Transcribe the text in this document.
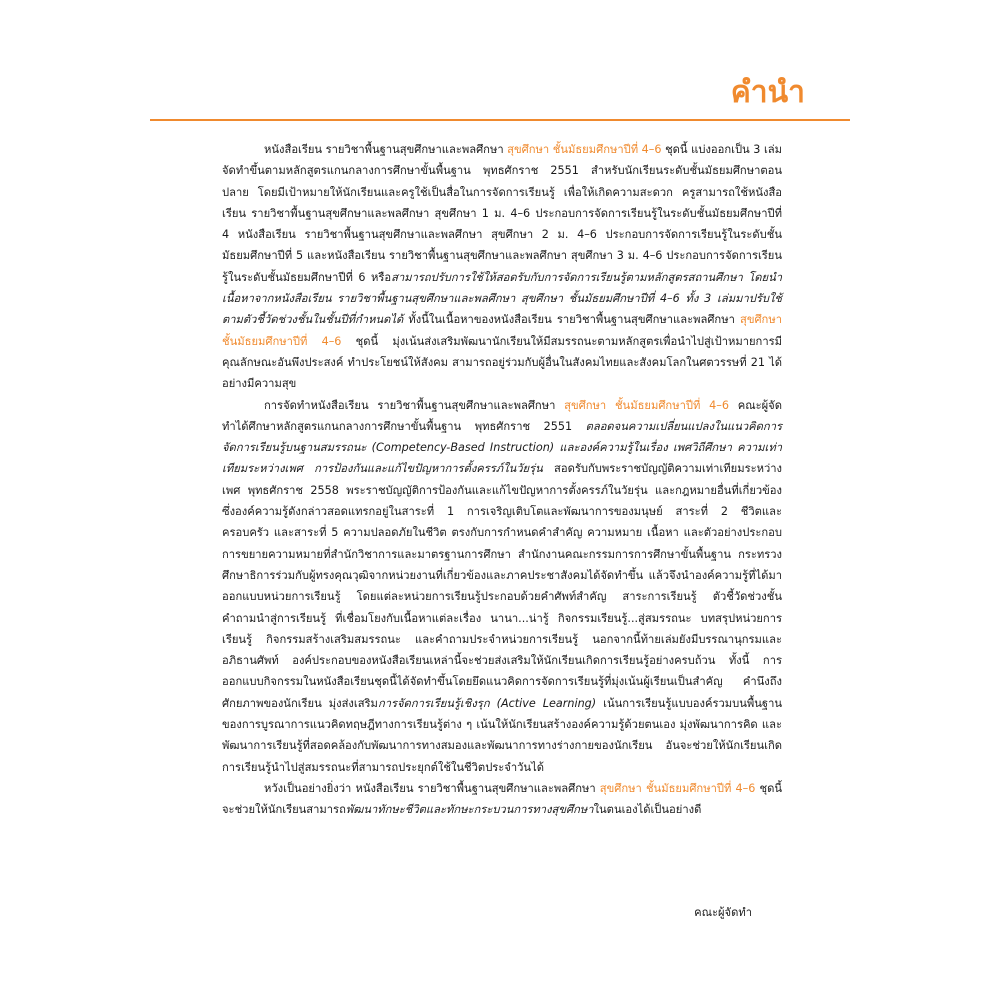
คำนำ

หนังสือเรียน รายวิชาพื้นฐานสุขศึกษาและพลศึกษา สุขศึกษา ชั้นมัธยมศึกษาปีที่ 4–6 ชุดนี้ แบ่งออกเป็น 3 เล่ม จัดทำขึ้นตามหลักสูตรแกนกลางการศึกษาขั้นพื้นฐาน พุทธศักราช 2551 สำหรับนักเรียนระดับชั้นมัธยมศึกษาตอนปลาย โดยมีเป้าหมายให้นักเรียนและครูใช้เป็นสื่อในการจัดการเรียนรู้ เพื่อให้เกิดความสะดวก ครูสามารถใช้หนังสือเรียน รายวิชาพื้นฐานสุขศึกษาและพลศึกษา สุขศึกษา 1 ม. 4–6 ประกอบการจัดการเรียนรู้ในระดับชั้นมัธยมศึกษาปีที่ 4 หนังสือเรียน รายวิชาพื้นฐานสุขศึกษาและพลศึกษา สุขศึกษา 2 ม. 4–6 ประกอบการจัดการเรียนรู้ในระดับชั้นมัธยมศึกษาปีที่ 5 และหนังสือเรียน รายวิชาพื้นฐานสุขศึกษาและพลศึกษา สุขศึกษา 3 ม. 4–6 ประกอบการจัดการเรียนรู้ในระดับชั้นมัธยมศึกษาปีที่ 6 หรือสามารถปรับการใช้ให้สอดรับกับการจัดการเรียนรู้ตามหลักสูตรสถานศึกษา โดยนำเนื้อหาจากหนังสือเรียน รายวิชาพื้นฐานสุขศึกษาและพลศึกษา สุขศึกษา ชั้นมัธยมศึกษาปีที่ 4–6 ทั้ง 3 เล่มมาปรับใช้ตามตัวชี้วัดช่วงชั้นในชั้นปีที่กำหนดได้ ทั้งนี้ในเนื้อหาของหนังสือเรียน รายวิชาพื้นฐานสุขศึกษาและพลศึกษา สุขศึกษา ชั้นมัธยมศึกษาปีที่ 4–6 ชุดนี้ มุ่งเน้นส่งเสริมพัฒนานักเรียนให้มีสมรรถนะตามหลักสูตรเพื่อนำไปสู่เป้าหมายการมีคุณลักษณะอันพึงประสงค์ ทำประโยชน์ให้สังคม สามารถอยู่ร่วมกับผู้อื่นในสังคมไทยและสังคมโลกในศตวรรษที่ 21 ได้อย่างมีความสุข

การจัดทำหนังสือเรียน รายวิชาพื้นฐานสุขศึกษาและพลศึกษา สุขศึกษา ชั้นมัธยมศึกษาปีที่ 4–6 คณะผู้จัดทำได้ศึกษาหลักสูตรแกนกลางการศึกษาขั้นพื้นฐาน พุทธศักราช 2551 ตลอดจนความเปลี่ยนแปลงในแนวคิดการจัดการเรียนรู้บนฐานสมรรถนะ (Competency-Based Instruction) และองค์ความรู้ในเรื่อง เพศวิถีศึกษา ความเท่าเทียมระหว่างเพศ การป้องกันและแก้ไขปัญหาการตั้งครรภ์ในวัยรุ่น สอดรับกับพระราชบัญญัติความเท่าเทียมระหว่างเพศ พุทธศักราช 2558 พระราชบัญญัติการป้องกันและแก้ไขปัญหาการตั้งครรภ์ในวัยรุ่น และกฎหมายอื่นที่เกี่ยวข้อง ซึ่งองค์ความรู้ดังกล่าวสอดแทรกอยู่ในสาระที่ 1 การเจริญเติบโตและพัฒนาการของมนุษย์ สาระที่ 2 ชีวิตและครอบครัว และสาระที่ 5 ความปลอดภัยในชีวิต ตรงกับการกำหนดคำสำคัญ ความหมาย เนื้อหา และตัวอย่างประกอบการขยายความหมายที่สำนักวิชาการและมาตรฐานการศึกษา สำนักงานคณะกรรมการการศึกษาขั้นพื้นฐาน กระทรวงศึกษาธิการร่วมกับผู้ทรงคุณวุฒิจากหน่วยงานที่เกี่ยวข้องและภาคประชาสังคมได้จัดทำขึ้น แล้วจึงนำองค์ความรู้ที่ได้มาออกแบบหน่วยการเรียนรู้ โดยแต่ละหน่วยการเรียนรู้ประกอบด้วยคำศัพท์สำคัญ สาระการเรียนรู้ ตัวชี้วัดช่วงชั้น คำถามนำสู่การเรียนรู้ ที่เชื่อมโยงกับเนื้อหาแต่ละเรื่อง นานา...น่ารู้ กิจกรรมเรียนรู้...สู่สมรรถนะ บทสรุปหน่วยการเรียนรู้ กิจกรรมสร้างเสริมสมรรถนะ และคำถามประจำหน่วยการเรียนรู้ นอกจากนี้ท้ายเล่มยังมีบรรณานุกรมและอภิธานศัพท์ องค์ประกอบของหนังสือเรียนเหล่านี้จะช่วยส่งเสริมให้นักเรียนเกิดการเรียนรู้อย่างครบถ้วน ทั้งนี้ การออกแบบกิจกรรมในหนังสือเรียนชุดนี้ได้จัดทำขึ้นโดยยึดแนวคิดการจัดการเรียนรู้ที่มุ่งเน้นผู้เรียนเป็นสำคัญ คำนึงถึงศักยภาพของนักเรียน มุ่งส่งเสริมการจัดการเรียนรู้เชิงรุก (Active Learning) เน้นการเรียนรู้แบบองค์รวมบนพื้นฐานของการบูรณาการแนวคิดทฤษฎีทางการเรียนรู้ต่าง ๆ เน้นให้นักเรียนสร้างองค์ความรู้ด้วยตนเอง มุ่งพัฒนาการคิด และพัฒนาการเรียนรู้ที่สอดคล้องกับพัฒนาการทางสมองและพัฒนาการทางร่างกายของนักเรียน อันจะช่วยให้นักเรียนเกิดการเรียนรู้นำไปสู่สมรรถนะที่สามารถประยุกต์ใช้ในชีวิตประจำวันได้

หวังเป็นอย่างยิ่งว่า หนังสือเรียน รายวิชาพื้นฐานสุขศึกษาและพลศึกษา สุขศึกษา ชั้นมัธยมศึกษาปีที่ 4–6 ชุดนี้จะช่วยให้นักเรียนสามารถพัฒนาทักษะชีวิตและทักษะกระบวนการทางสุขศึกษาในตนเองได้เป็นอย่างดี

คณะผู้จัดทำ
